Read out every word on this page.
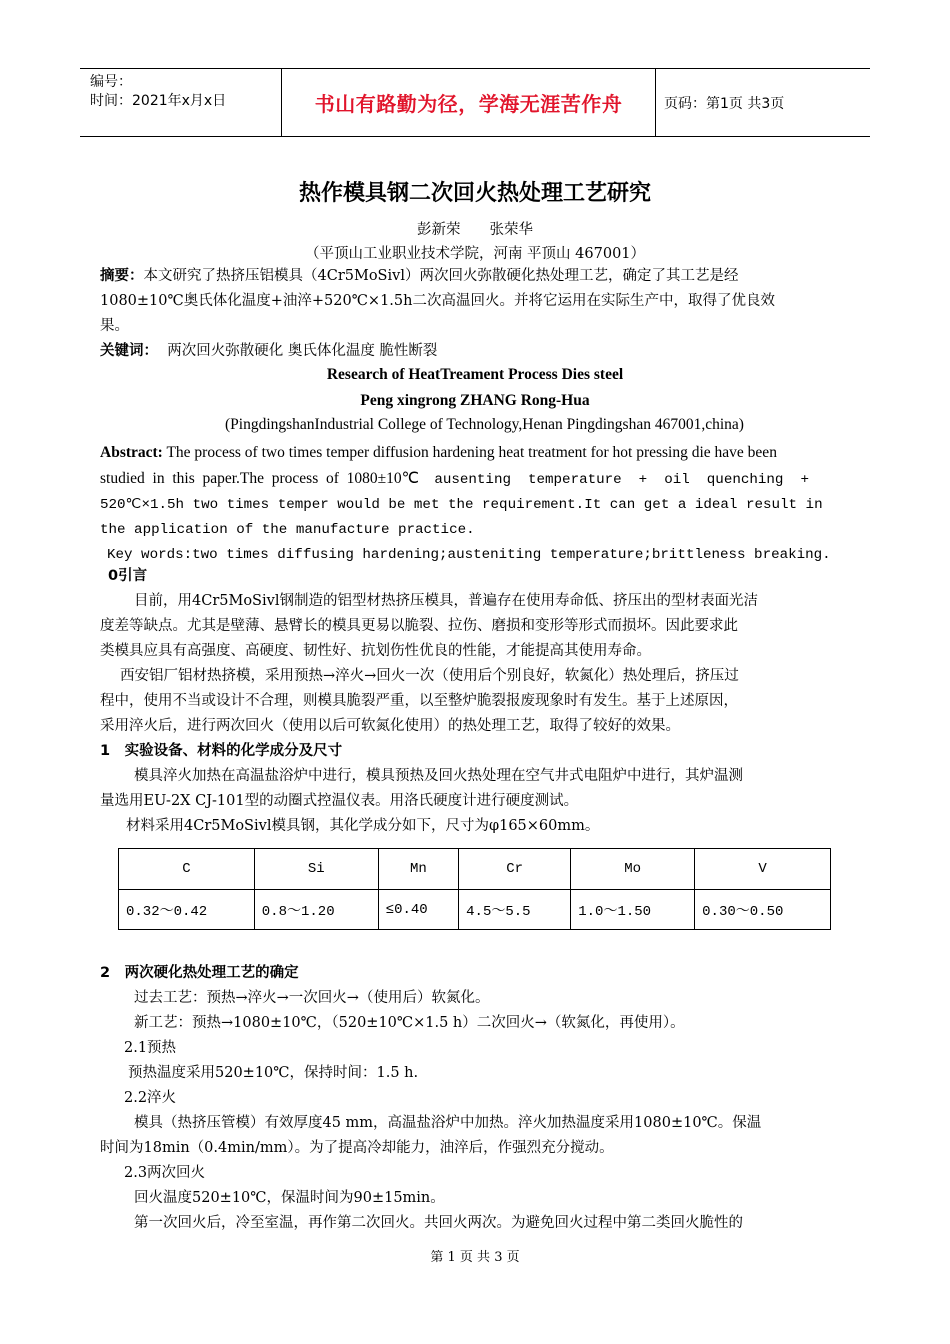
编号：
时间：2021年x月x日	书山有路勤为径，学海无涯苦作舟	页码：第1页 共3页
热作模具钢二次回火热处理工艺研究
彭新荣　　张荣华
（平顶山工业职业技术学院，河南 平顶山 467001）
摘要：本文研究了热挤压铝模具（4Cr5MoSivl）两次回火弥散硬化热处理工艺，确定了其工艺是经
1080±10℃奥氏体化温度+油淬+520℃×1.5h二次高温回火。并将它运用在实际生产中，取得了优良效
果。
关键词： 两次回火弥散硬化 奥氏体化温度 脆性断裂
Research of HeatTreament Process Dies steel
Peng xingrong ZHANG Rong-Hua
(PingdingshanIndustrial College of Technology,Henan Pingdingshan 467001,china)
Abstract: The process of two times temper diffusion hardening heat treatment for hot pressing die have been
studied  in  this  paper.The  process  of  1080±10℃ ausenting  temperature  +  oil  quenching  +
520℃×1.5h two times temper would be met the requirement.It can get a ideal result in
the application of the manufacture practice.
Key words:two times diffusing hardening;austeniting temperature;brittleness breaking.
0引言
目前，用4Cr5MoSivl钢制造的铝型材热挤压模具，普遍存在使用寿命低、挤压出的型材表面光洁
度差等缺点。尤其是壁薄、悬臂长的模具更易以脆裂、拉伤、磨损和变形等形式而损坏。因此要求此
类模具应具有高强度、高硬度、韧性好、抗划伤性优良的性能，才能提高其使用寿命。
西安铝厂铝材热挤模，采用预热→淬火→回火一次（使用后个别良好，软氮化）热处理后，挤压过
程中，使用不当或设计不合理，则模具脆裂严重，以至整炉脆裂报废现象时有发生。基于上述原因，
采用淬火后，进行两次回火（使用以后可软氮化使用）的热处理工艺，取得了较好的效果。
1　实验设备、材料的化学成分及尺寸
模具淬火加热在高温盐浴炉中进行，模具预热及回火热处理在空气井式电阻炉中进行，其炉温测
量选用EU-2X CJ-101型的动圈式控温仪表。用洛氏硬度计进行硬度测试。
材料采用4Cr5MoSivl模具钢，其化学成分如下，尺寸为φ165×60mm。
C	Si	Mn	Cr	Mo	V
0.32～0.42	0.8～1.20	≤0.40	4.5～5.5	1.0～1.50	0.30～0.50
2　两次硬化热处理工艺的确定
过去工艺：预热→淬火→一次回火→（使用后）软氮化。
新工艺：预热→1080±10℃，（520±10℃×1.5 h）二次回火→（软氮化，再使用）。
2.1预热
预热温度采用520±10℃，保持时间：1.5 h.
2.2淬火
模具（热挤压管模）有效厚度45 mm，高温盐浴炉中加热。淬火加热温度采用1080±10℃。保温
时间为18min（0.4min/mm）。为了提高冷却能力，油淬后，作强烈充分搅动。
2.3两次回火
回火温度520±10℃，保温时间为90±15min。
第一次回火后，冷至室温，再作第二次回火。共回火两次。为避免回火过程中第二类回火脆性的
第 1 页 共 3 页
